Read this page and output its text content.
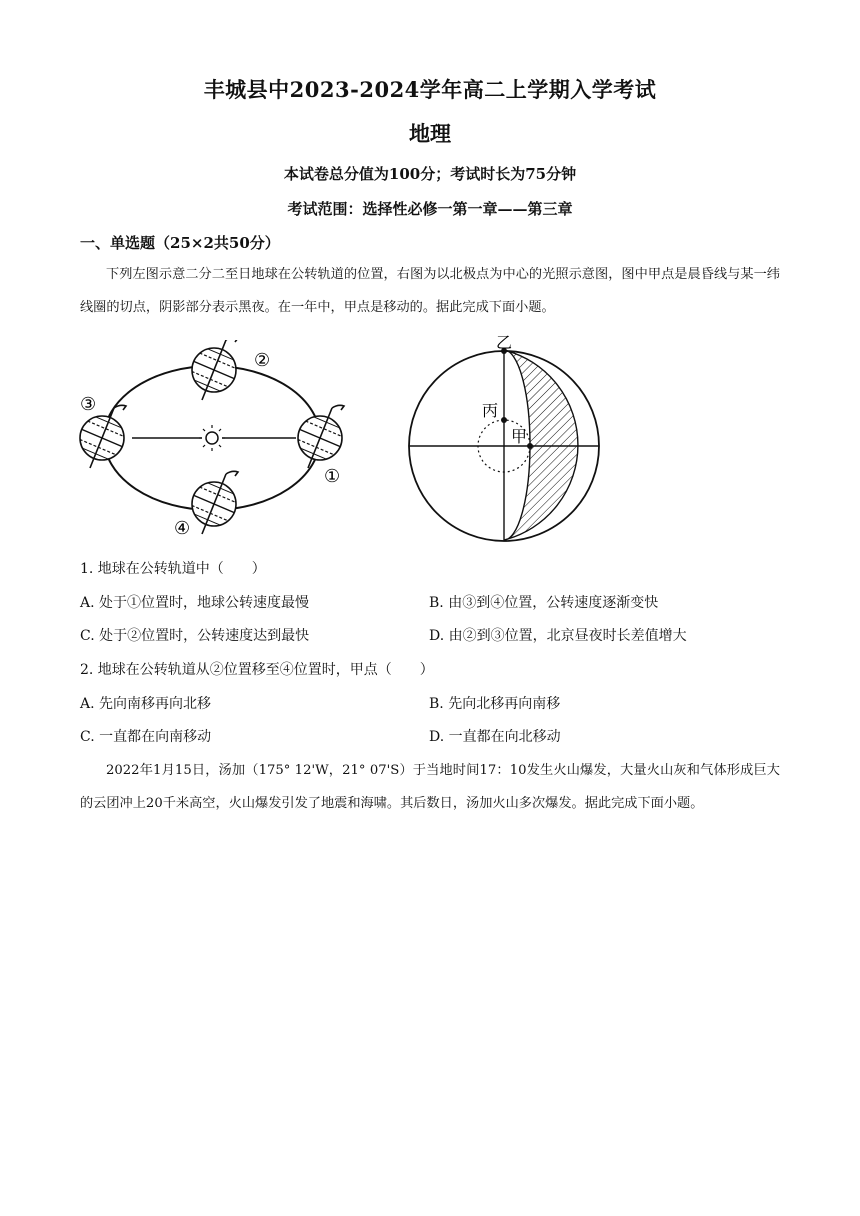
丰城县中2023-2024学年高二上学期入学考试
地理
本试卷总分值为100分；考试时长为75分钟
考试范围：选择性必修一第一章——第三章
一、单选题（25×2共50分）
下列左图示意二分二至日地球在公转轨道的位置，右图为以北极点为中心的光照示意图，图中甲点是晨昏线与某一纬线圈的切点，阴影部分表示黑夜。在一年中，甲点是移动的。据此完成下面小题。
②
③
①
④
乙
丙
甲
1. 地球在公转轨道中（　　）
A. 处于①位置时，地球公转速度最慢	B. 由③到④位置，公转速度逐渐变快
C. 处于②位置时，公转速度达到最快	D. 由②到③位置，北京昼夜时长差值增大
2. 地球在公转轨道从②位置移至④位置时，甲点（　　）
A. 先向南移再向北移	B. 先向北移再向南移
C. 一直都在向南移动	D. 一直都在向北移动
2022年1月15日，汤加（175° 12'W，21° 07'S）于当地时间17：10发生火山爆发，大量火山灰和气体形成巨大的云团冲上20千米高空，火山爆发引发了地震和海啸。其后数日，汤加火山多次爆发。据此完成下面小题。
